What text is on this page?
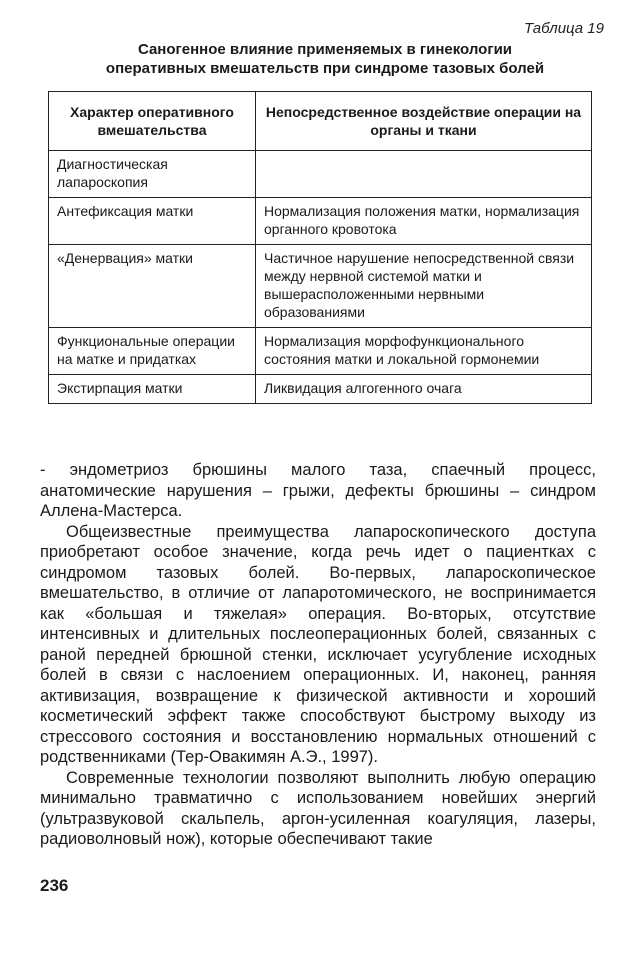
Таблица 19
Саногенное влияние применяемых в гинекологии
оперативных вмешательств при синдроме тазовых болей
Характер оперативного вмешательства	Непосредственное воздействие операции на органы и ткани
Диагностическая лапароскопия	
Антефиксация матки	Нормализация положения матки, нормализация органного кровотока
«Денервация» матки	Частичное нарушение непосредственной связи между нервной системой матки и вышерасположенными нервными образованиями
Функциональные операции на матке и придатках	Нормализация морфофункционального состояния матки и локальной гормонемии
Экстирпация матки	Ликвидация алгогенного очага

- эндометриоз брюшины малого таза, спаечный процесс, анатомические нарушения – грыжи, дефекты брюшины – синдром Аллена-Мастерса.

Общеизвестные преимущества лапароскопического доступа приобретают особое значение, когда речь идет о пациентках с синдромом тазовых болей. Во-первых, лапароскопическое вмешательство, в отличие от лапаротомического, не воспринимается как «большая и тяжелая» операция. Во-вторых, отсутствие интенсивных и длительных послеоперационных болей, связанных с раной передней брюшной стенки, исключает усугубление исходных болей в связи с наслоением операционных. И, наконец, ранняя активизация, возвращение к физической активности и хороший косметический эффект также способствуют быстрому выходу из стрессового состояния и восстановлению нормальных отношений с родственниками (Тер-Овакимян А.Э., 1997).

Современные технологии позволяют выполнить любую операцию минимально травматично с использованием новейших энергий (ультразвуковой скальпель, аргон-усиленная коагуляция, лазеры, радиоволновый нож), которые обеспечивают такие

236
